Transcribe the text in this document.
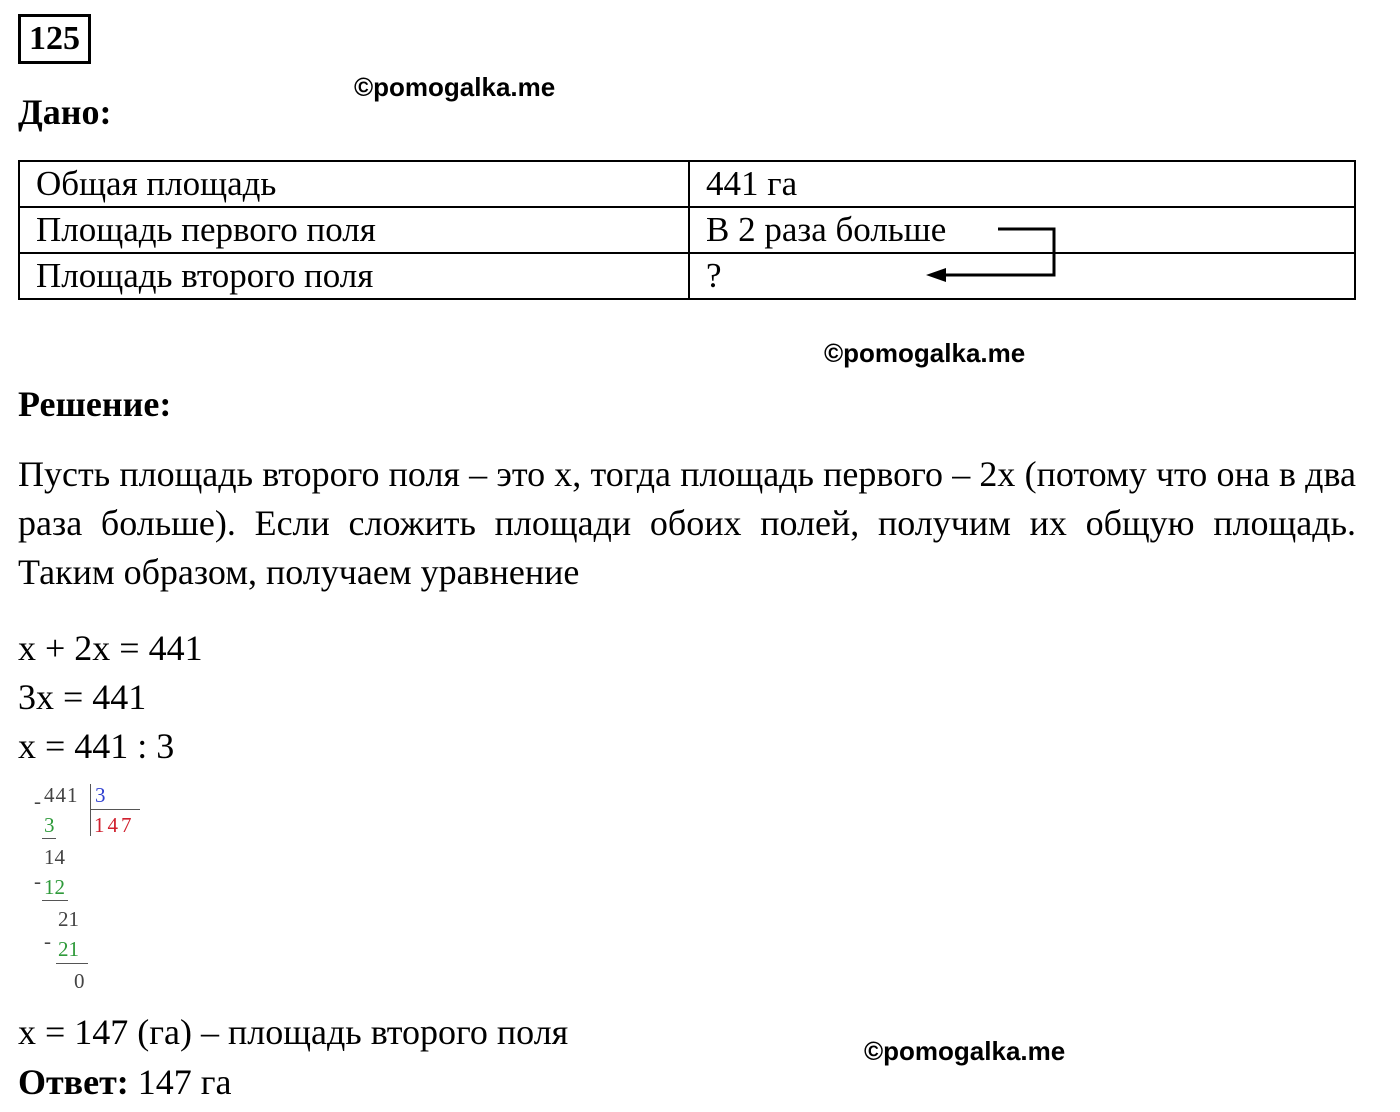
125
©pomogalka.me
Дано:
Общая площадь	441 га
Площадь первого поля	В 2 раза больше
Площадь второго поля	?
©pomogalka.me
Решение:
Пусть площадь второго поля – это x, тогда площадь первого – 2x (потому что она в два раза больше). Если сложить площади обоих полей, получим их общую площадь. Таким образом, получаем уравнение
x + 2x = 441
3x = 441
x = 441 : 3
- 441 3
147
3
14
- 12
21
- 21
0
x = 147 (га) – площадь второго поля	©pomogalka.me
Ответ: 147 га
